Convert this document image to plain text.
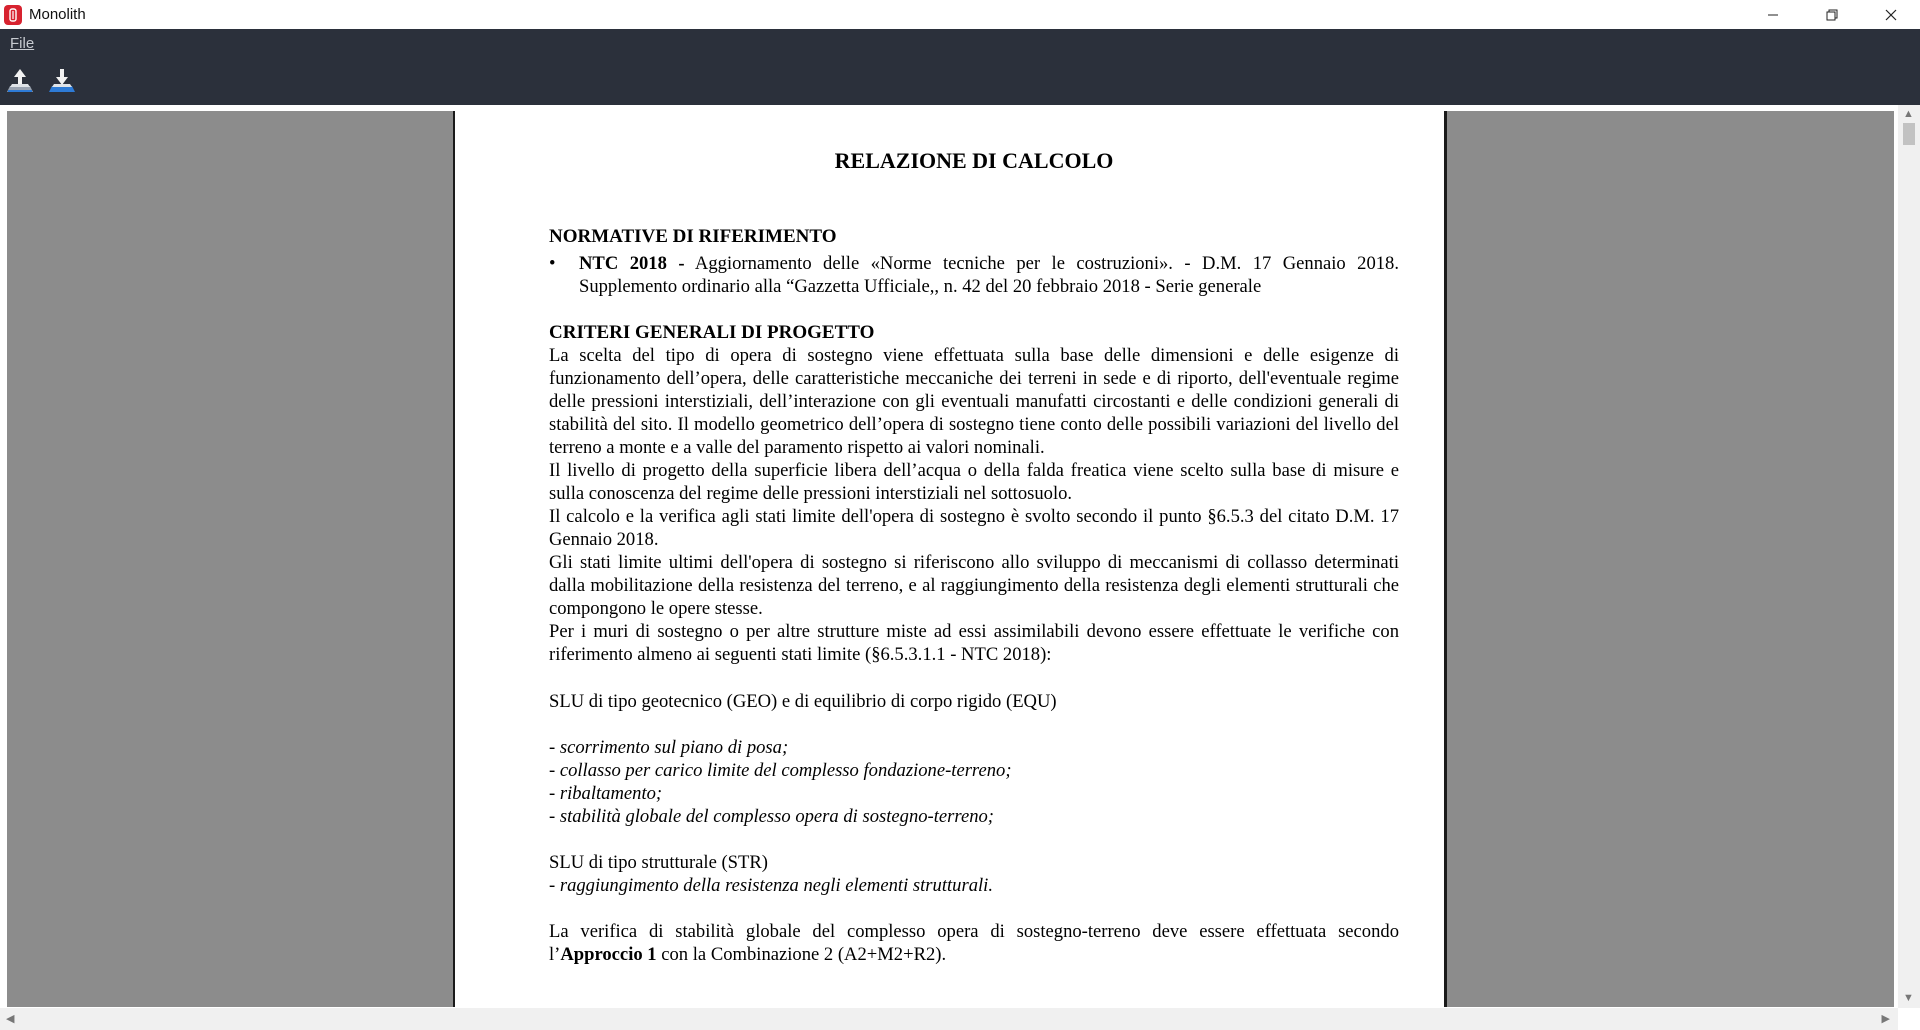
Monolith
File
RELAZIONE DI CALCOLO
NORMATIVE DI RIFERIMENTO
•	NTC 2018 - Aggiornamento delle «Norme tecniche per le costruzioni». - D.M. 17 Gennaio 2018. Supplemento ordinario alla “Gazzetta Ufficiale,, n. 42 del 20 febbraio 2018 - Serie generale
CRITERI GENERALI DI PROGETTO

La scelta del tipo di opera di sostegno viene effettuata sulla base delle dimensioni e delle esigenze di funzionamento dell’opera, delle caratteristiche meccaniche dei terreni in sede e di riporto, dell'eventuale regime delle pressioni interstiziali, dell’interazione con gli eventuali manufatti circostanti e delle condizioni generali di stabilità del sito. Il modello geometrico dell’opera di sostegno tiene conto delle possibili variazioni del livello del terreno a monte e a valle del paramento rispetto ai valori nominali.

Il livello di progetto della superficie libera dell’acqua o della falda freatica viene scelto sulla base di misure e sulla conoscenza del regime delle pressioni interstiziali nel sottosuolo.

Il calcolo e la verifica agli stati limite dell'opera di sostegno è svolto secondo il punto §6.5.3 del citato D.M. 17 Gennaio 2018.

Gli stati limite ultimi dell'opera di sostegno si riferiscono allo sviluppo di meccanismi di collasso determinati dalla mobilitazione della resistenza del terreno, e al raggiungimento della resistenza degli elementi strutturali che compongono le opere stesse.

Per i muri di sostegno o per altre strutture miste ad essi assimilabili devono essere effettuate le verifiche con riferimento almeno ai seguenti stati limite (§6.5.3.1.1 - NTC 2018):

SLU di tipo geotecnico (GEO) e di equilibrio di corpo rigido (EQU)
- scorrimento sul piano di posa;
- collasso per carico limite del complesso fondazione-terreno;
- ribaltamento;
- stabilità globale del complesso opera di sostegno-terreno;
SLU di tipo strutturale (STR)
- raggiungimento della resistenza negli elementi strutturali.
La verifica di stabilità globale del complesso opera di sostegno-terreno deve essere effettuata secondo l’Approccio 1 con la Combinazione 2 (A2+M2+R2).
▲
▼
◀	▶
